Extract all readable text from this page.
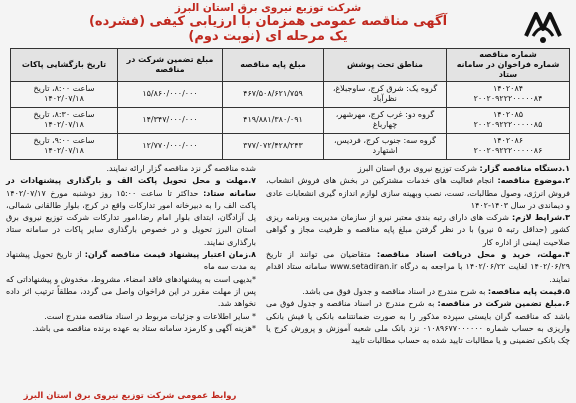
شرکت توزیع نیروی برق استان البرز
آگهی مناقصه عمومی همزمان با ارزیابی کیفی (فشرده)
یک مرحله ای (نوبت دوم)
شماره مناقصه
شماره فراخوان در سامانه ستاد	مناطق تحت پوشش	مبلغ پایه مناقصه	مبلغ تضمین شرکت در مناقصه	تاریخ بازگشایی پاکات
۱۴۰۲۰۸۴
۲۰۰۲۰۹۲۲۲۰۰۰۰۰۸۴	گروه یک: شرق کرج، ساوجبلاغ،
نظرآباد	۴۶۷/۵۰۸/۶۲۱/۷۵۹	۱۵/۸۶۰/۰۰۰/۰۰۰	ساعت ۸:۰۰، تاریخ ۱۴۰۲/۰۷/۱۸
۱۴۰۲۰۸۵
۲۰۰۲۰۹۲۲۲۰۰۰۰۰۸۵	گروه دو: غرب کرج، مهرشهر،
چهارباغ	۴۱۹/۸۸۱/۳۸۰/۰۹۱	۱۴/۳۴۷/۰۰۰/۰۰۰	ساعت ۸:۳۰، تاریخ ۱۴۰۲/۰۷/۱۸
۱۴۰۲۰۸۶
۲۰۰۲۰۹۲۲۲۰۰۰۰۰۸۶	گروه سه: جنوب کرج، فردیس،
اشتهارد	۳۷۷/۰۷۲/۴۲۸/۲۴۳	۱۲/۷۷۰/۰۰۰/۰۰۰	ساعت ۹:۰۰، تاریخ ۱۴۰۲/۰۷/۱۸

۱.دستگاه مناقصه گزار: شرکت توزیع نیروی برق استان البرز

۲.موضوع مناقصه: انجام فعالیت های خدمات مشترکین در بخش های فروش انشعاب، فروش انرژی، وصول مطالبات، تست، نصب وبهینه سازی لوازم اندازه گیری انشعابات عادی و دیماندی در سال ۱۴۰۳-۱۴۰۲

۳.شرایط لازم: شرکت های دارای رتبه بندی معتبر نیرو از سازمان مدیریت وبرنامه ریزی کشور (حداقل رتبه ۵ نیرو) با در نظر گرفتن مبلغ پایه مناقصه و ظرفیت مجاز و گواهی صلاحیت ایمنی از اداره کار

۴.مهلت، خرید و محل دریافت اسناد مناقصه: متقاضیان می توانند از تاریخ ۱۴۰۲/۰۶/۲۹ لغایت ۱۴۰۲/۰۶/۲۲ با مراجعه به درگاه www.setadiran.ir سامانه ستاد اقدام نمایند.

۵.قیمت پایه مناقصه: به شرح مندرج در اسناد مناقصه و جدول فوق می باشد.

۶.مبلغ تضمین شرکت در مناقصه: به شرح مندرج در اسناد مناقصه و جدول فوق می باشد که مناقصه گران بایستی سپرده مذکور را به صورت ضمانتنامه بانکی یا فیش بانکی واریزی به حساب شماره ۰۱۰۸۹۶۷۷۰۰۰۰۰۰ نزد بانک ملی شعبه آموزش و پرورش کرج یا چک بانکی تضمینی و یا مطالبات تایید شده به حساب مطالبات تایید

شده مناقصه گر نزد مناقصه گزار ارائه نمایند.

۷.مهلت و محل تحویل پاکت الف و بارگذاری پیشنهادات در سامانه ستاد: حداکثر تا ساعت ۱۵:۰۰ روز دوشنبه مورخ ۱۴۰۲/۰۷/۱۷ پاکت الف را به دبیرخانه امور تدارکات واقع در کرج، بلوار طالقانی شمالی، پل آزادگان، ابتدای بلوار امام رضا،امور تدارکات شرکت توزیع نیروی برق استان البرز تحویل و در خصوص بارگذاری سایر پاکات در سامانه ستاد بارگذاری نمایند.

۸.زمان اعتبار پیشنهاد قیمت مناقصه گران: از تاریخ تحویل پیشنهاد به مدت سه ماه

*بدیهی است به پیشنهادهای فاقد امضاء، مشروط، مخدوش و پیشنهاداتی که پس از مهلت مقرر در این فراخوان واصل می گردد، مطلقاً ترتیب اثر داده نخواهد شد.

* سایر اطلاعات و جزئیات مربوط در اسناد مناقصه مندرج است.

*هزینه آگهی و کارمزد سامانه ستاد به عهده برنده مناقصه می باشد.

روابط عمومی شرکت توزیع نیروی برق استان البرز
